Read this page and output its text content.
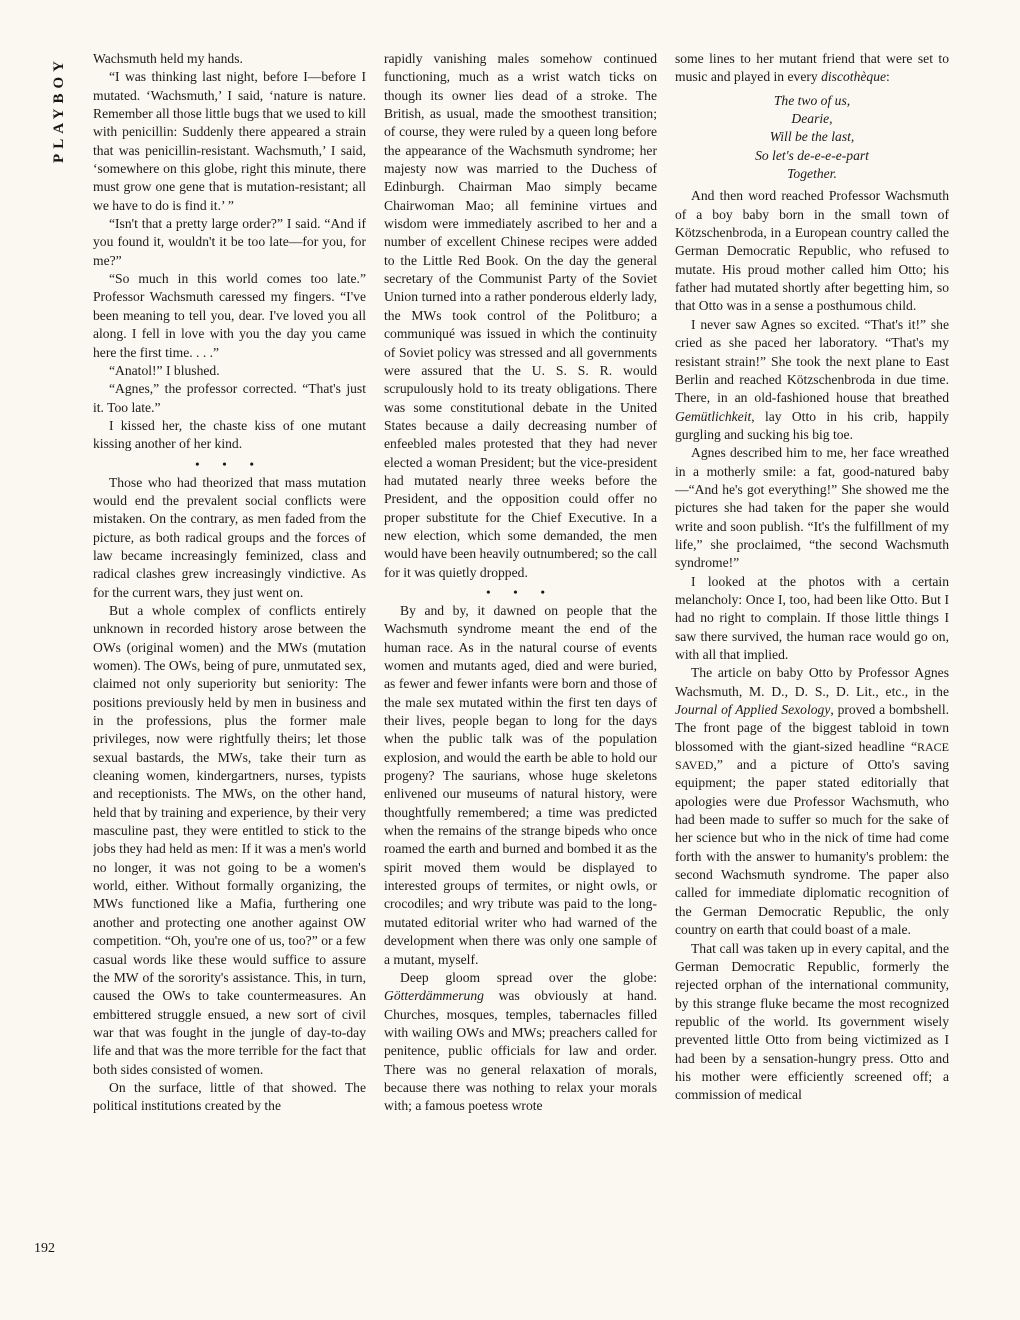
PLAYBOY Wachsmuth held my hands.

“I was thinking last night, before I—before I mutated. ‘Wachsmuth,’ I said, ‘nature is nature. Remember all those little bugs that we used to kill with penicillin: Suddenly there appeared a strain that was penicillin-resistant. Wachsmuth,’ I said, ‘somewhere on this globe, right this minute, there must grow one gene that is mutation-resistant; all we have to do is find it.’ ”

“Isn't that a pretty large order?” I said. “And if you found it, wouldn't it be too late—for you, for me?”

“So much in this world comes too late.” Professor Wachsmuth caressed my fingers. “I've been meaning to tell you, dear. I've loved you all along. I fell in love with you the day you came here the first time. . . .”

“Anatol!” I blushed.

“Agnes,” the professor corrected. “That's just it. Too late.”

I kissed her, the chaste kiss of one mutant kissing another of her kind.

• • •

Those who had theorized that mass mutation would end the prevalent social conflicts were mistaken. On the contrary, as men faded from the picture, as both radical groups and the forces of law became increasingly feminized, class and radical clashes grew increasingly vindictive. As for the current wars, they just went on.

But a whole complex of conflicts entirely unknown in recorded history arose between the OWs (original women) and the MWs (mutation women). The OWs, being of pure, unmutated sex, claimed not only superiority but seniority: The positions previously held by men in business and in the professions, plus the former male privileges, now were rightfully theirs; let those sexual bastards, the MWs, take their turn as cleaning women, kindergartners, nurses, typists and receptionists. The MWs, on the other hand, held that by training and experience, by their very masculine past, they were entitled to stick to the jobs they had held as men: If it was a men's world no longer, it was not going to be a women's world, either. Without formally organizing, the MWs functioned like a Mafia, furthering one another and protecting one another against OW competition. “Oh, you're one of us, too?” or a few casual words like these would suffice to assure the MW of the sorority's assistance. This, in turn, caused the OWs to take countermeasures. An embittered struggle ensued, a new sort of civil war that was fought in the jungle of day-to-day life and that was the more terrible for the fact that both sides consisted of women.

On the surface, little of that showed. The political institutions created by the

rapidly vanishing males somehow continued functioning, much as a wrist watch ticks on though its owner lies dead of a stroke. The British, as usual, made the smoothest transition; of course, they were ruled by a queen long before the appearance of the Wachsmuth syndrome; her majesty now was married to the Duchess of Edinburgh. Chairman Mao simply became Chairwoman Mao; all feminine virtues and wisdom were immediately ascribed to her and a number of excellent Chinese recipes were added to the Little Red Book. On the day the general secretary of the Communist Party of the Soviet Union turned into a rather ponderous elderly lady, the MWs took control of the Politburo; a communiqué was issued in which the continuity of Soviet policy was stressed and all governments were assured that the U. S. S. R. would scrupulously hold to its treaty obligations. There was some constitutional debate in the United States because a daily decreasing number of enfeebled males protested that they had never elected a woman President; but the vice-president had mutated nearly three weeks before the President, and the opposition could offer no proper substitute for the Chief Executive. In a new election, which some demanded, the men would have been heavily outnumbered; so the call for it was quietly dropped.

• • •

By and by, it dawned on people that the Wachsmuth syndrome meant the end of the human race. As in the natural course of events women and mutants aged, died and were buried, as fewer and fewer infants were born and those of the male sex mutated within the first ten days of their lives, people began to long for the days when the public talk was of the population explosion, and would the earth be able to hold our progeny? The saurians, whose huge skeletons enlivened our museums of natural history, were thoughtfully remembered; a time was predicted when the remains of the strange bipeds who once roamed the earth and burned and bombed it as the spirit moved them would be displayed to interested groups of termites, or night owls, or crocodiles; and wry tribute was paid to the long-mutated editorial writer who had warned of the development when there was only one sample of a mutant, myself.

Deep gloom spread over the globe: Götterdämmerung was obviously at hand. Churches, mosques, temples, tabernacles filled with wailing OWs and MWs; preachers called for penitence, public officials for law and order. There was no general relaxation of morals, because there was nothing to relax your morals with; a famous poetess wrote

some lines to her mutant friend that were set to music and played in every discothèque:

The two of us,
Dearie,
Will be the last,
So let's de-e-e-e-part
Together.

And then word reached Professor Wachsmuth of a boy baby born in the small town of Kötzschenbroda, in a European country called the German Democratic Republic, who refused to mutate. His proud mother called him Otto; his father had mutated shortly after begetting him, so that Otto was in a sense a posthumous child.

I never saw Agnes so excited. “That's it!” she cried as she paced her laboratory. “That's my resistant strain!” She took the next plane to East Berlin and reached Kötzschenbroda in due time. There, in an old-fashioned house that breathed Gemütlichkeit, lay Otto in his crib, happily gurgling and sucking his big toe.

Agnes described him to me, her face wreathed in a motherly smile: a fat, good-natured baby—“And he's got everything!” She showed me the pictures she had taken for the paper she would write and soon publish. “It's the fulfillment of my life,” she proclaimed, “the second Wachsmuth syndrome!”

I looked at the photos with a certain melancholy: Once I, too, had been like Otto. But I had no right to complain. If those little things I saw there survived, the human race would go on, with all that implied.

The article on baby Otto by Professor Agnes Wachsmuth, M. D., D. S., D. Lit., etc., in the Journal of Applied Sexology, proved a bombshell. The front page of the biggest tabloid in town blossomed with the giant-sized headline “RACE SAVED,” and a picture of Otto's saving equipment; the paper stated editorially that apologies were due Professor Wachsmuth, who had been made to suffer so much for the sake of her science but who in the nick of time had come forth with the answer to humanity's problem: the second Wachsmuth syndrome. The paper also called for immediate diplomatic recognition of the German Democratic Republic, the only country on earth that could boast of a male.

That call was taken up in every capital, and the German Democratic Republic, formerly the rejected orphan of the international community, by this strange fluke became the most recognized republic of the world. Its government wisely prevented little Otto from being victimized as I had been by a sensation-hungry press. Otto and his mother were efficiently screened off; a commission of medical

192
